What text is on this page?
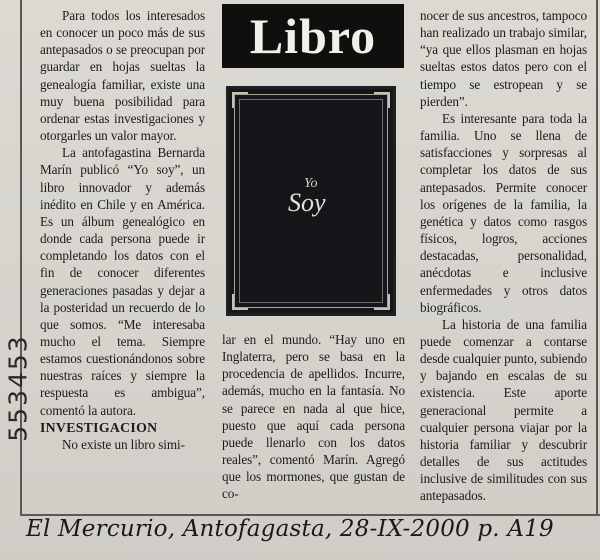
553453

Para todos los interesados en conocer un poco más de sus antepasados o se preocupan por guardar en hojas sueltas la genealogía familiar, existe una muy buena posibilidad para ordenar estas investigaciones y otorgarles un valor mayor.

La antofagastina Bernarda Marín publicó “Yo soy”, un libro innovador y además inédito en Chile y en América. Es un álbum genealógico en donde cada persona puede ir completando los datos con el fin de conocer diferentes generaciones pasadas y dejar a la posteridad un recuerdo de lo que somos. “Me interesaba mucho el tema. Siempre estamos cuestionándonos sobre nuestras raíces y siempre la respuesta es ambigua”, comentó la autora.

INVESTIGACION

No existe un libro simi-

Libro
Yo
Soy

lar en el mundo. “Hay uno en Inglaterra, pero se basa en la procedencia de apellidos. Incurre, además, mucho en la fantasía. No se parece en nada al que hice, puesto que aquí cada persona puede llenarlo con los datos reales”, comentó Marín. Agregó que los mormones, que gustan de co-

nocer de sus ancestros, tampoco han realizado un trabajo similar, “ya que ellos plasman en hojas sueltas estos datos pero con el tiempo se estropean y se pierden”.

Es interesante para toda la familia. Uno se llena de satisfacciones y sorpresas al completar los datos de sus antepasados. Permite conocer los orígenes de la familia, la genética y datos como rasgos físicos, logros, acciones destacadas, personalidad, anécdotas e inclusive enfermedades y otros datos biográficos.

La historia de una familia puede comenzar a contarse desde cualquier punto, subiendo y bajando en escalas de su existencia. Este aporte generacional permite a cualquier persona viajar por la historia familiar y descubrir detalles de sus actitudes inclusive de similitudes con sus antepasados.

El Mercurio, Antofagasta, 28-IX-2000 p. A19
